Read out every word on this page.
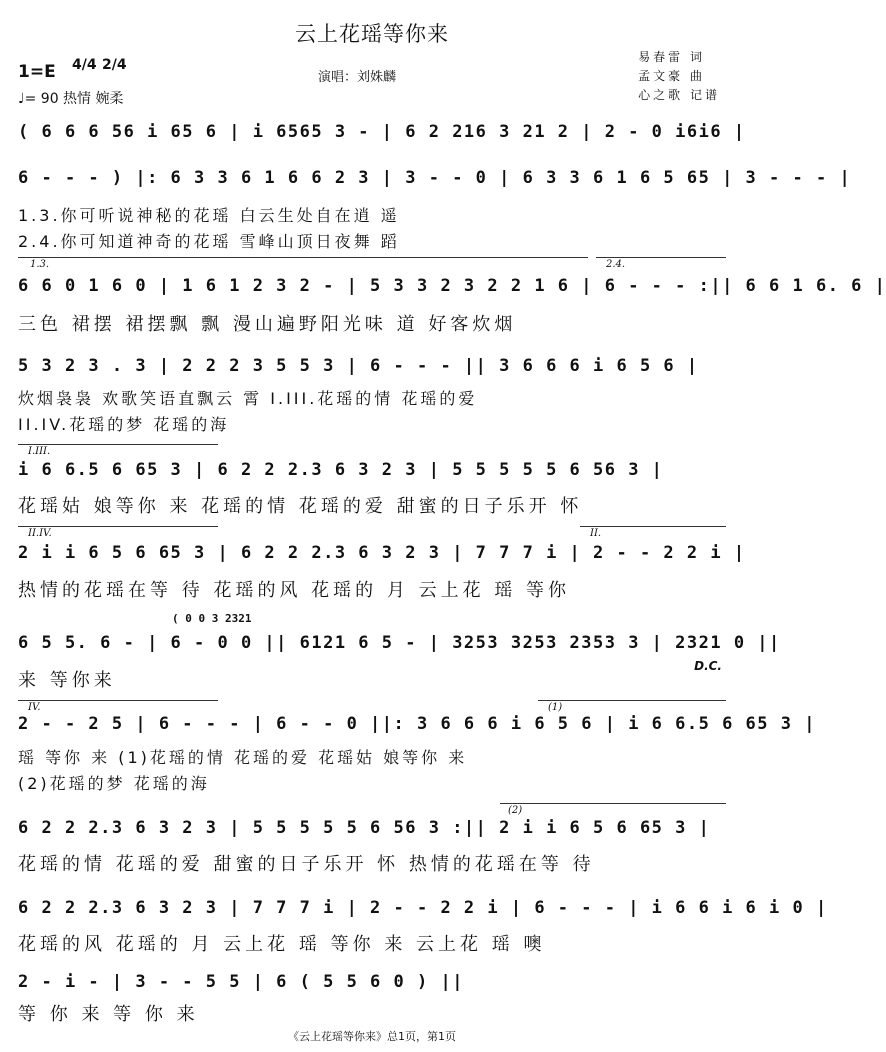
云上花瑶等你来
1=E 4/4 2/4
♩= 90 热情 婉柔
演唱：刘姝麟
易春雷 词
孟文豪 曲
心之歌 记谱
( 6 6 6 56 i 65 6 | i 6565 3 - | 6 2 216 3 21 2 | 2 - 0 i6i6 |
6 - - - ) |: 6 3 3 6 1 6 6 2 3 | 3 - - 0 | 6 3 3 6 1 6 5 65 | 3 - - - |
1.3.你可听说神秘的花瑶 白云生处自在逍 遥
2.4.你可知道神奇的花瑶 雪峰山顶日夜舞 蹈
1.3.	2.4.
6 6 0 1 6 0 | 1 6 1 2 3 2 - | 5 3 3 2 3 2 2 1 6 | 6 - - - :|| 6 6 1 6. 6 |
三色 裙摆 裙摆飘 飘 漫山遍野阳光味 道 好客炊烟
5 3 2 3 . 3 | 2 2 2 3 5 5 3 | 6 - - - || 3 6 6 6 i 6 5 6 |
炊烟袅袅 欢歌笑语直飘云 霄 I.III.花瑶的情 花瑶的爱
II.IV.花瑶的梦 花瑶的海
I.III.
i 6 6.5 6 65 3 | 6 2 2 2.3 6 3 2 3 | 5 5 5 5 5 6 56 3 |
花瑶姑 娘等你 来 花瑶的情 花瑶的爱 甜蜜的日子乐开 怀
II.IV.	II.
2 i i 6 5 6 65 3 | 6 2 2 2.3 6 3 2 3 | 7 7 7 i | 2 - - 2 2 i |
热情的花瑶在等 待 花瑶的风 花瑶的 月 云上花 瑶 等你
( 0 0 3 2321
6 5 5. 6 - | 6 - 0 0 || 6121 6 5 - | 3253 3253 2353 3 | 2321 0 ||
D.C.
来 等你来
IV.	(1)
2 - - 2 5 | 6 - - - | 6 - - 0 ||: 3 6 6 6 i 6 5 6 | i 6 6.5 6 65 3 |
瑶 等你 来 (1)花瑶的情 花瑶的爱 花瑶姑 娘等你 来
(2)花瑶的梦 花瑶的海
(2)
6 2 2 2.3 6 3 2 3 | 5 5 5 5 5 6 56 3 :|| 2 i i 6 5 6 65 3 |
花瑶的情 花瑶的爱 甜蜜的日子乐开 怀 热情的花瑶在等 待
6 2 2 2.3 6 3 2 3 | 7 7 7 i | 2 - - 2 2 i | 6 - - - | i 6 6 i 6 i 0 |
花瑶的风 花瑶的 月 云上花 瑶 等你 来 云上花 瑶 噢
2 - i - | 3 - - 5 5 | 6 ( 5 5 6 0 ) ||
等 你 来 等 你 来
《云上花瑶等你来》总1页，第1页
